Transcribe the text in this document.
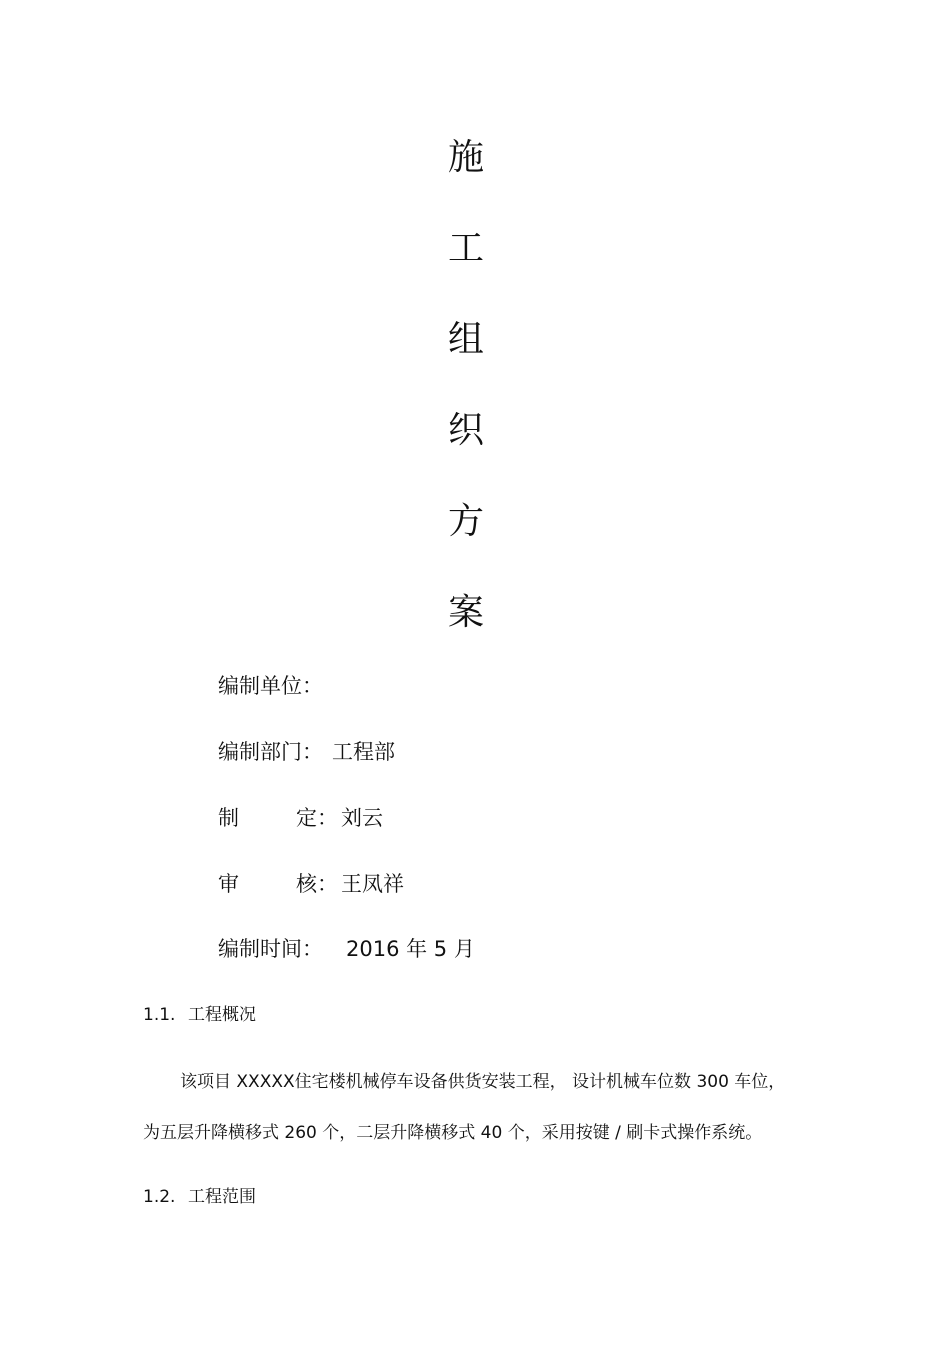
施
工
组
织
方
案
编制单位：
编制部门： 工程部
制	定： 刘云
审	核： 王凤祥
编制时间： 2016 年 5 月
1.1. 工程概况
该项目 XXXXX住宅楼机械停车设备供货安装工程， 设计机械车位数 300 车位，
为五层升降横移式 260 个，二层升降横移式 40 个，采用按键 / 刷卡式操作系统。
1.2. 工程范围
